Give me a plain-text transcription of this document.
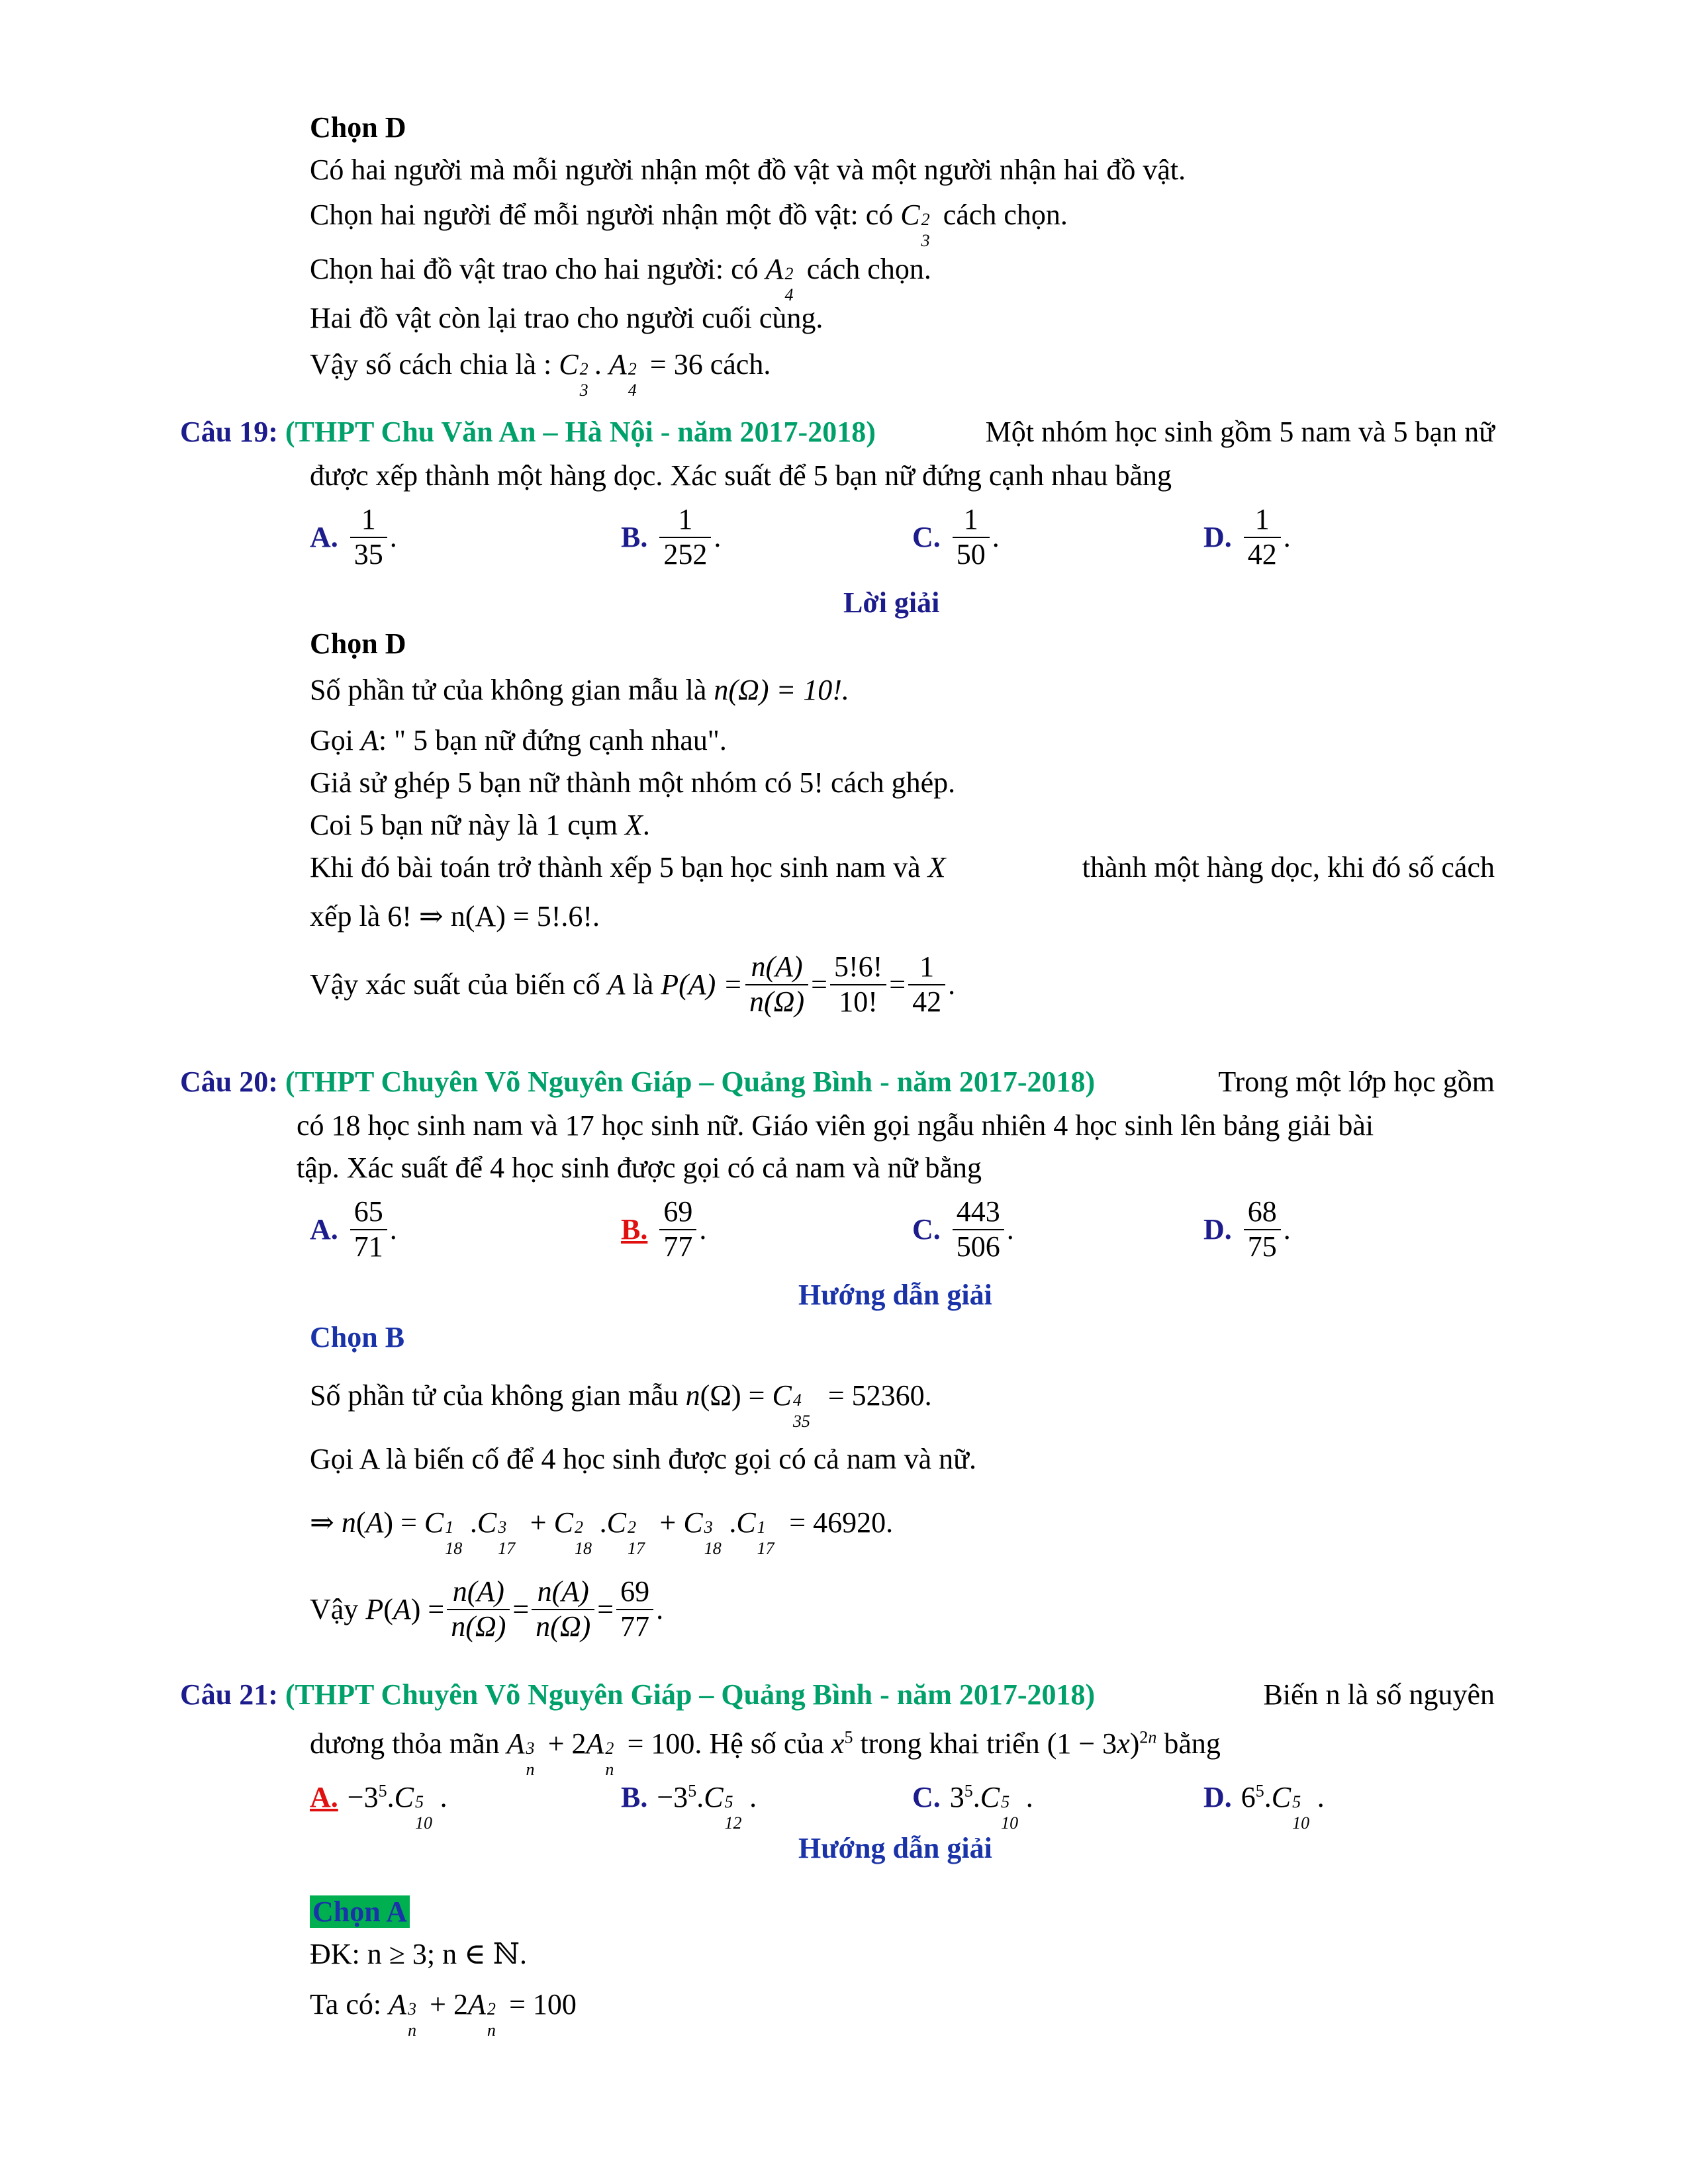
Chọn D
Có hai người mà mỗi người nhận một đồ vật và một người nhận hai đồ vật.
Chọn hai người để mỗi người nhận một đồ vật: có C 2
3
cách chọn.
Chọn hai đồ vật trao cho hai người: có A 2
4
cách chọn.
Hai đồ vật còn lại trao cho người cuối cùng.
Vậy số cách chia là : C 2
3
. A 2
4
= 36 cách.
Câu 19: (THPT Chu Văn An – Hà Nội - năm 2017-2018)	Một nhóm học sinh gồm 5 nam và 5 bạn nữ
được xếp thành một hàng dọc. Xác suất để 5 bạn nữ đứng cạnh nhau bằng
A.
1
35
.	B.
1
252
.	C.
1
50
.	D.
1
42
.
Lời giải
Chọn D
Số phần tử của không gian mẫu là n(Ω) = 10!.
Gọi A: " 5 bạn nữ đứng cạnh nhau".
Giả sử ghép 5 bạn nữ thành một nhóm có 5! cách ghép.
Coi 5 bạn nữ này là 1 cụm X.
Khi đó bài toán trở thành xếp 5 bạn học sinh nam và X	thành một hàng dọc, khi đó số cách
xếp là 6! ⇒ n(A) = 5!.6!.
Vậy xác suất của biến cố
A
là
$P(A) = \frac{n(A)}{n(\Omega)}$ =
5!6!
10!
=
1
42
.
Câu 20: (THPT Chuyên Võ Nguyên Giáp – Quảng Bình - năm 2017-2018)	Trong một lớp học gồm
có 18 học sinh nam và 17 học sinh nữ. Giáo viên gọi ngẫu nhiên 4 học sinh lên bảng giải bài
tập. Xác suất để 4 học sinh được gọi có cả nam và nữ bằng
A.
65
71
.	B.
69
77
.	C.
443
506
.	D.
68
75
.
Hướng dẫn giải
Chọn B
Số phần tử của không gian mẫu n(Ω) = C 4
35
= 52360.
Gọi A là biến cố để 4 học sinh được gọi có cả nam và nữ.
⇒ n(A) = C 1
18
.C 3
17
+ C 2
18
.C 2
17
+ C 3
18
.C 1
17
= 46920.
Vậy
P ( A ) =
n(A)
n(Ω)
=
n(A)
n(Ω)
=
69
77
.
Câu 21: (THPT Chuyên Võ Nguyên Giáp – Quảng Bình - năm 2017-2018)	Biến n là số nguyên
dương thỏa mãn A 3
n
+ 2A 2
n
= 100. Hệ số của $x^5$ trong khai triển $(1 - 3x)^{2n}$ bằng
A. $-3^5.C$ 5
10
.	B. $-3^5.C$ 5
12
.	C. $3^5.C$ 5
10
.	D. $6^5.C$ 5
10
.
Hướng dẫn giải
Chọn A
ĐK: n ≥ 3; n ∈ ℕ.
Ta có: A 3
n
+ 2A 2
n
= 100
